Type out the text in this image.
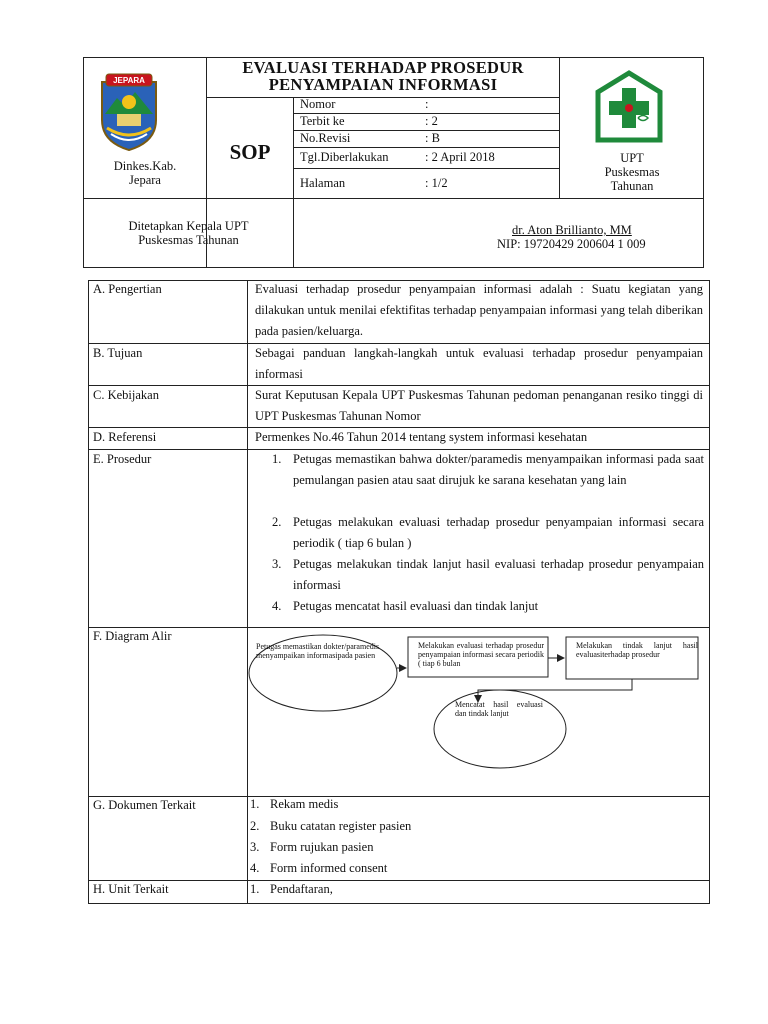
JEPARA
Dinkes.Kab.
Jepara
EVALUASI TERHADAP PROSEDUR
PENYAMPAIAN INFORMASI
SOP
Nomor	:
Terbit ke	: 2
No.Revisi	: B
Tgl.Diberlakukan	: 2 April 2018
Halaman	: 1/2
UPT
Puskesmas
Tahunan
Ditetapkan Kepala UPT
Puskesmas Tahunan
dr. Aton Brillianto, MM
NIP: 19720429 200604 1 009
A. Pengertian	Evaluasi terhadap prosedur penyampaian informasi adalah : Suatu kegiatan yang dilakukan untuk menilai efektifitas terhadap penyampaian informasi yang telah diberikan pada pasien/keluarga.
B. Tujuan	Sebagai panduan langkah-langkah untuk evaluasi terhadap prosedur penyampaian informasi
C. Kebijakan	Surat Keputusan Kepala UPT Puskesmas Tahunan pedoman penanganan resiko tinggi di UPT Puskesmas Tahunan Nomor
D. Referensi	Permenkes No.46 Tahun 2014 tentang system informasi kesehatan
E. Prosedur	1. Petugas memastikan bahwa dokter/paramedis menyampaikan informasi pada saat pemulangan pasien atau saat dirujuk ke sarana kesehatan yang lain
2. Petugas melakukan evaluasi terhadap prosedur penyampaian informasi secara periodik ( tiap 6 bulan )
3. Petugas melakukan tindak lanjut hasil evaluasi terhadap prosedur penyampaian informasi
4. Petugas mencatat hasil evaluasi dan tindak lanjut
F. Diagram Alir
Petugas memastikan dokter/paramedis menyampaikan informasipada pasien
Melakukan evaluasi terhadap prosedur penyampaian informasi secara periodik ( tiap 6 bulan
Melakukan tindak lanjut hasil evaluasiterhadap prosedur
Mencatat hasil evaluasi dan tindak lanjut
G. Dokumen Terkait	1. Rekam medis
2. Buku catatan register pasien
3. Form rujukan pasien
4. Form informed consent
H. Unit Terkait	1. Pendaftaran,
